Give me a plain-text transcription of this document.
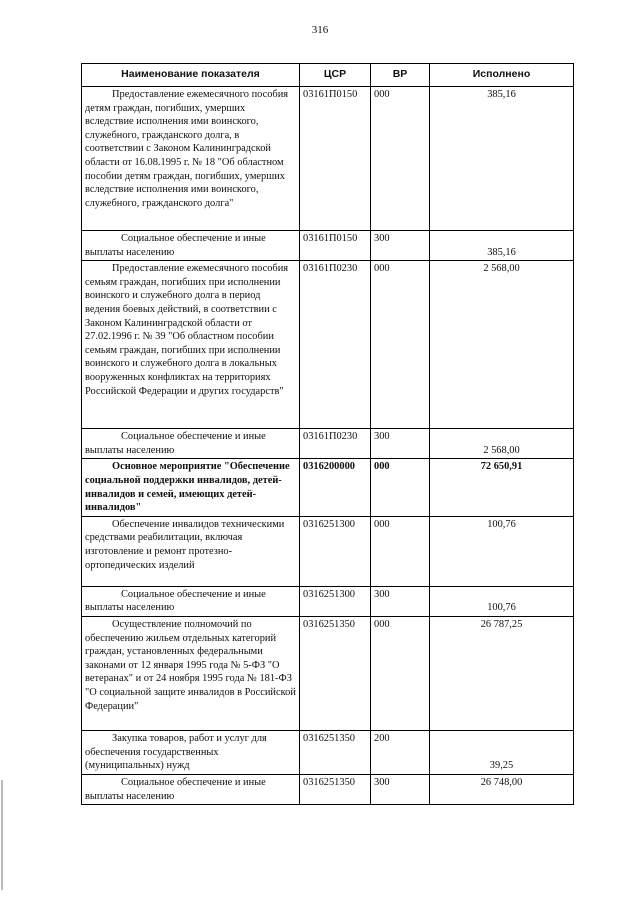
316
Наименование показателя	ЦСР	ВР	Исполнено
Предоставление ежемесячного пособия детям граждан, погибших, умерших вследствие исполнения ими воинского, служебного, гражданского долга, в соответствии с Законом Калининградской области от 16.08.1995 г. № 18 "Об областном пособии детям граждан, погибших, умерших вследствие исполнения ими воинского, служебного, гражданского долга"	03161П0150	000	385,16
Социальное обеспечение и иные выплаты населению	03161П0150	300	385,16
Предоставление ежемесячного пособия семьям граждан, погибших при исполнении воинского и служебного долга в период ведения боевых действий, в соответствии с Законом Калининградской области от 27.02.1996 г. № 39 "Об областном пособии семьям граждан, погибших при исполнении воинского и служебного долга в локальных вооруженных конфликтах на территориях Российской Федерации и других государств"	03161П0230	000	2 568,00
Социальное обеспечение и иные выплаты населению	03161П0230	300	2 568,00
Основное мероприятие "Обеспечение социальной поддержки инвалидов, детей-инвалидов и семей, имеющих детей-инвалидов"	0316200000	000	72 650,91
Обеспечение инвалидов техническими средствами реабилитации, включая изготовление и ремонт протезно-ортопедических изделий	0316251300	000	100,76
Социальное обеспечение и иные выплаты населению	0316251300	300	100,76
Осуществление полномочий по обеспечению жильем отдельных категорий граждан, установленных федеральными законами от 12 января 1995 года № 5-ФЗ "О ветеранах" и от 24 ноября 1995 года № 181-ФЗ "О социальной защите инвалидов в Российской Федерации"	0316251350	000	26 787,25
Закупка товаров, работ и услуг для обеспечения государственных (муниципальных) нужд	0316251350	200	39,25
Социальное обеспечение и иные выплаты населению	0316251350	300	26 748,00
